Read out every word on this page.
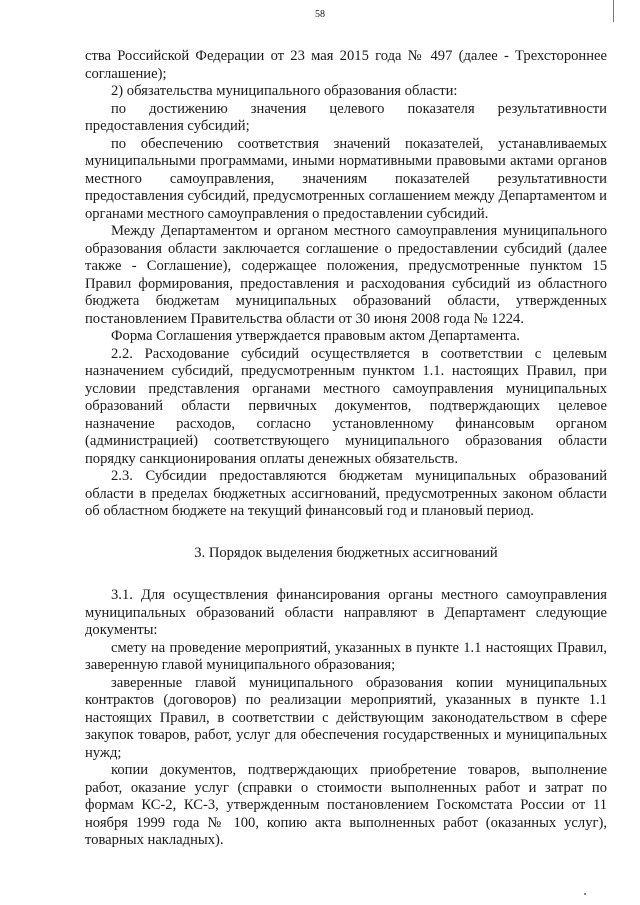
58

ства Российской Федерации от 23 мая 2015 года № 497 (далее - Трехстороннее соглашение);

2) обязательства муниципального образования области:

по достижению значения целевого показателя результативности предоставления субсидий;

по обеспечению соответствия значений показателей, устанавливаемых муниципальными программами, иными нормативными правовыми актами органов местного самоуправления, значениям показателей результативности предоставления субсидий, предусмотренных соглашением между Департаментом и органами местного самоуправления о предоставлении субсидий.

Между Департаментом и органом местного самоуправления муниципального образования области заключается соглашение о предоставлении субсидий (далее также - Соглашение), содержащее положения, предусмотренные пунктом 15 Правил формирования, предоставления и расходования субсидий из областного бюджета бюджетам муниципальных образований области, утвержденных постановлением Правительства области от 30 июня 2008 года № 1224.

Форма Соглашения утверждается правовым актом Департамента.

2.2. Расходование субсидий осуществляется в соответствии с целевым назначением субсидий, предусмотренным пунктом 1.1. настоящих Правил, при условии представления органами местного самоуправления муниципальных образований области первичных документов, подтверждающих целевое назначение расходов, согласно установленному финансовым органом (администрацией) соответствующего муниципального образования области порядку санкционирования оплаты денежных обязательств.

2.3. Субсидии предоставляются бюджетам муниципальных образований области в пределах бюджетных ассигнований, предусмотренных законом области об областном бюджете на текущий финансовый год и плановый период.

3. Порядок выделения бюджетных ассигнований

3.1. Для осуществления финансирования органы местного самоуправления муниципальных образований области направляют в Департамент следующие документы:

смету на проведение мероприятий, указанных в пункте 1.1 настоящих Правил, заверенную главой муниципального образования;

заверенные главой муниципального образования копии муниципальных контрактов (договоров) по реализации мероприятий, указанных в пункте 1.1 настоящих Правил, в соответствии с действующим законодательством в сфере закупок товаров, работ, услуг для обеспечения государственных и муниципальных нужд;

копии документов, подтверждающих приобретение товаров, выполнение работ, оказание услуг (справки о стоимости выполненных работ и затрат по формам КС-2, КС-3, утвержденным постановлением Госкомстата России от 11 ноября 1999 года № 100, копию акта выполненных работ (оказанных услуг), товарных накладных).
